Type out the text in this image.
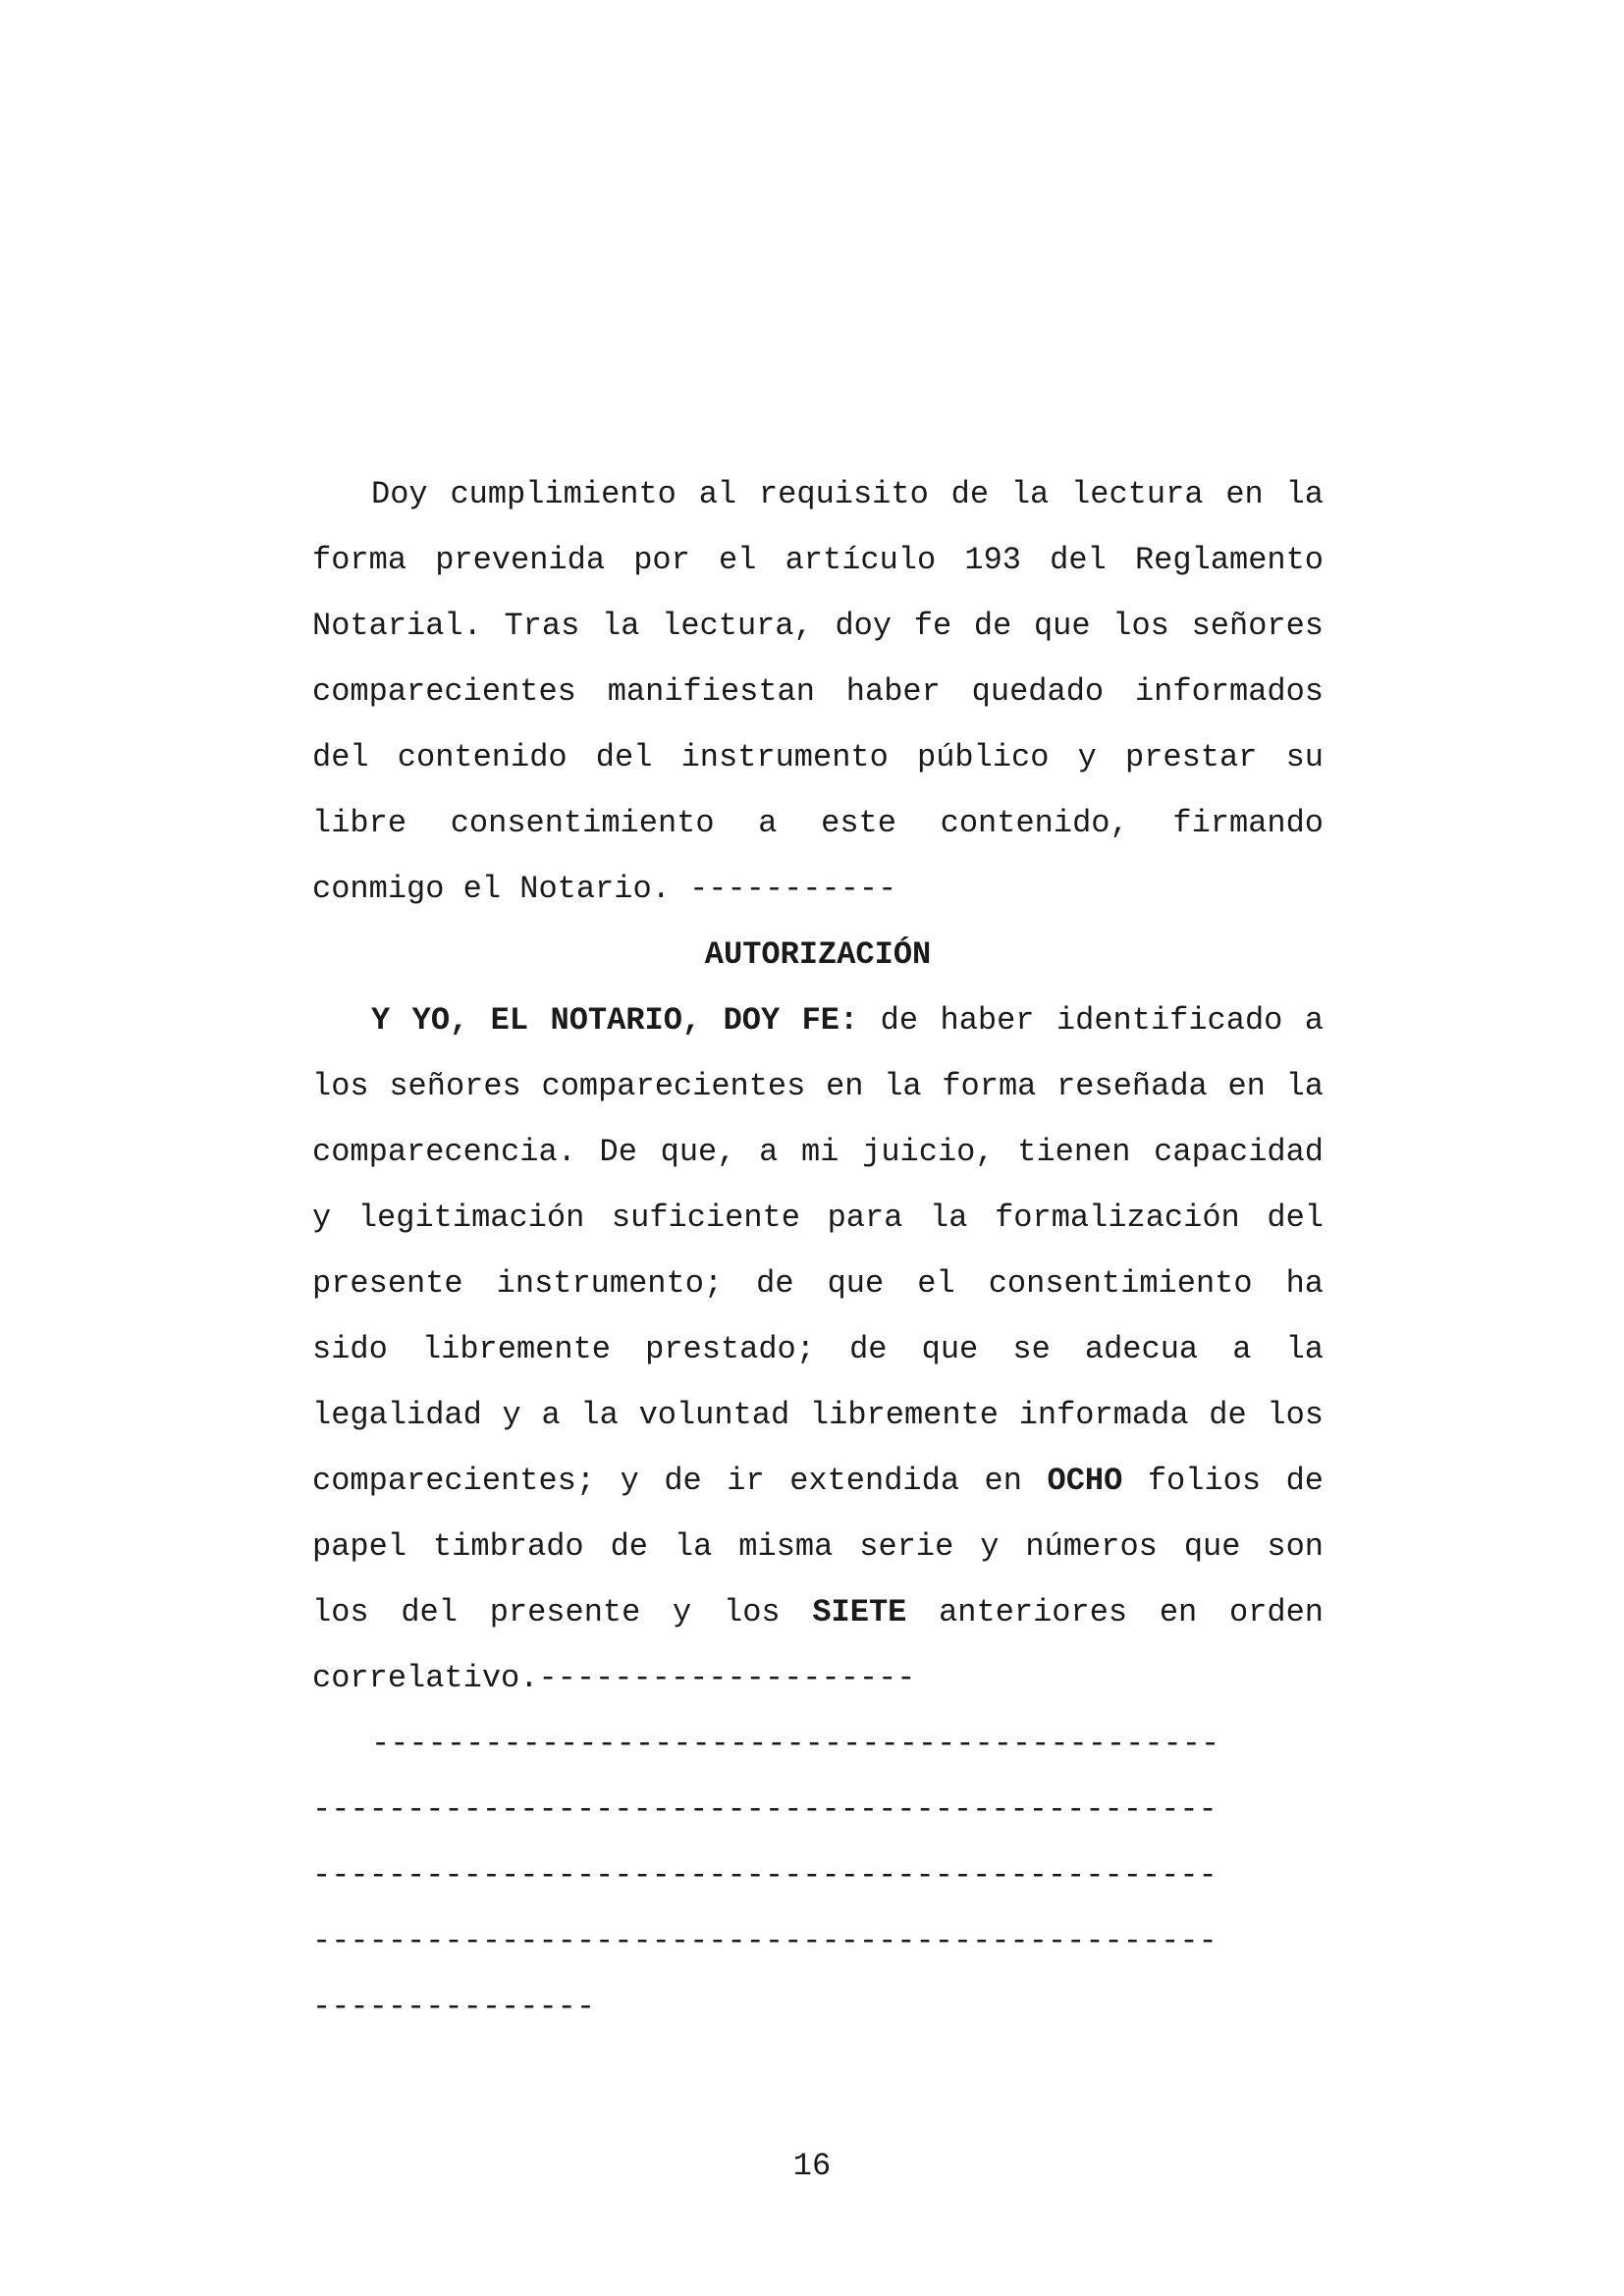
Doy cumplimiento al requisito de la lectura en la forma prevenida por el artículo 193 del Reglamento Notarial. Tras la lectura, doy fe de que los señores comparecientes manifiestan haber quedado informados del contenido del instrumento público y prestar su libre consentimiento a este contenido, firmando conmigo el Notario. -----------

AUTORIZACIÓN

Y YO, EL NOTARIO, DOY FE: de haber identificado a los señores comparecientes en la forma reseñada en la comparecencia. De que, a mi juicio, tienen capacidad y legitimación suficiente para la formalización del presente instrumento; de que el consentimiento ha sido libremente prestado; de que se adecua a la legalidad y a la voluntad libremente informada de los comparecientes; y de ir extendida en OCHO folios de papel timbrado de la misma serie y números que son los del presente y los SIETE anteriores en orden correlativo.--------------------

---------------------------------------------

------------------------------------------------

------------------------------------------------

------------------------------------------------

---------------

16
